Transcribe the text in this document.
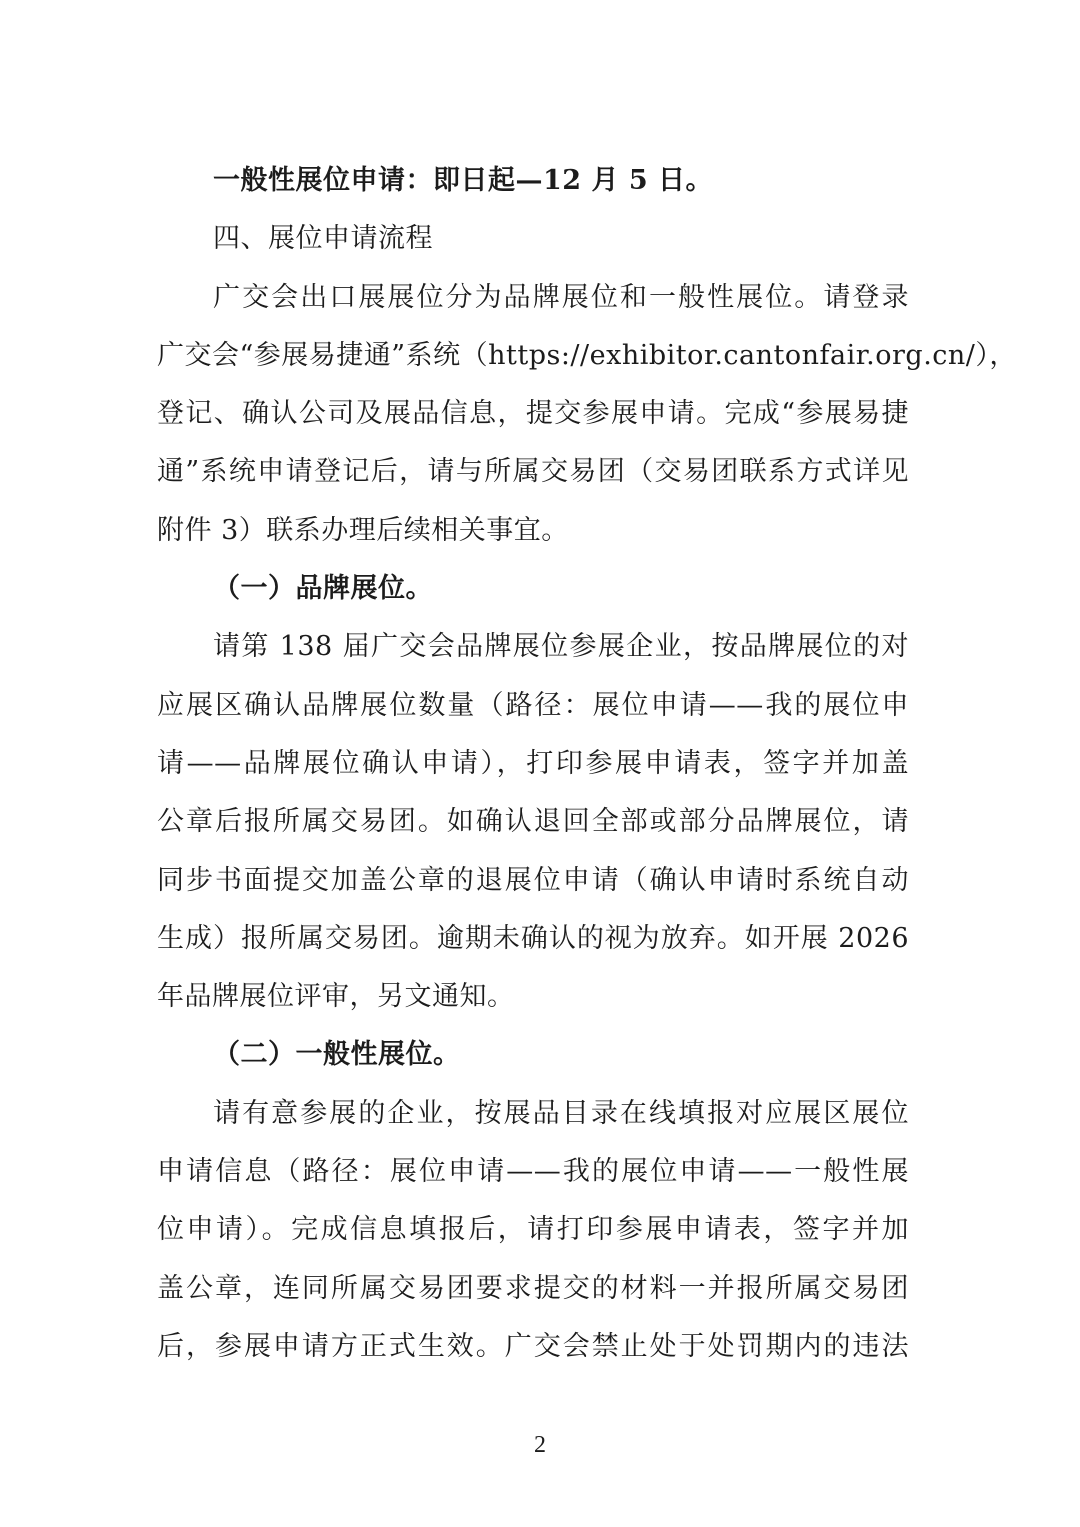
一般性展位申请：即日起—12 月 5 日。
四、展位申请流程
广交会出口展展位分为品牌展位和一般性展位。请登录
广交会“参展易捷通”系统（https://exhibitor.cantonfair.org.cn/），
登记、确认公司及展品信息，提交参展申请。完成“参展易捷
通”系统申请登记后，请与所属交易团（交易团联系方式详见
附件 3）联系办理后续相关事宜。
（一）品牌展位。
请第 138 届广交会品牌展位参展企业，按品牌展位的对
应展区确认品牌展位数量（路径：展位申请——我的展位申
请——品牌展位确认申请），打印参展申请表，签字并加盖
公章后报所属交易团。如确认退回全部或部分品牌展位，请
同步书面提交加盖公章的退展位申请（确认申请时系统自动
生成）报所属交易团。逾期未确认的视为放弃。如开展 2026
年品牌展位评审，另文通知。
（二）一般性展位。
请有意参展的企业，按展品目录在线填报对应展区展位
申请信息（路径：展位申请——我的展位申请——一般性展
位申请）。完成信息填报后，请打印参展申请表，签字并加
盖公章，连同所属交易团要求提交的材料一并报所属交易团
后，参展申请方正式生效。广交会禁止处于处罚期内的违法
2
